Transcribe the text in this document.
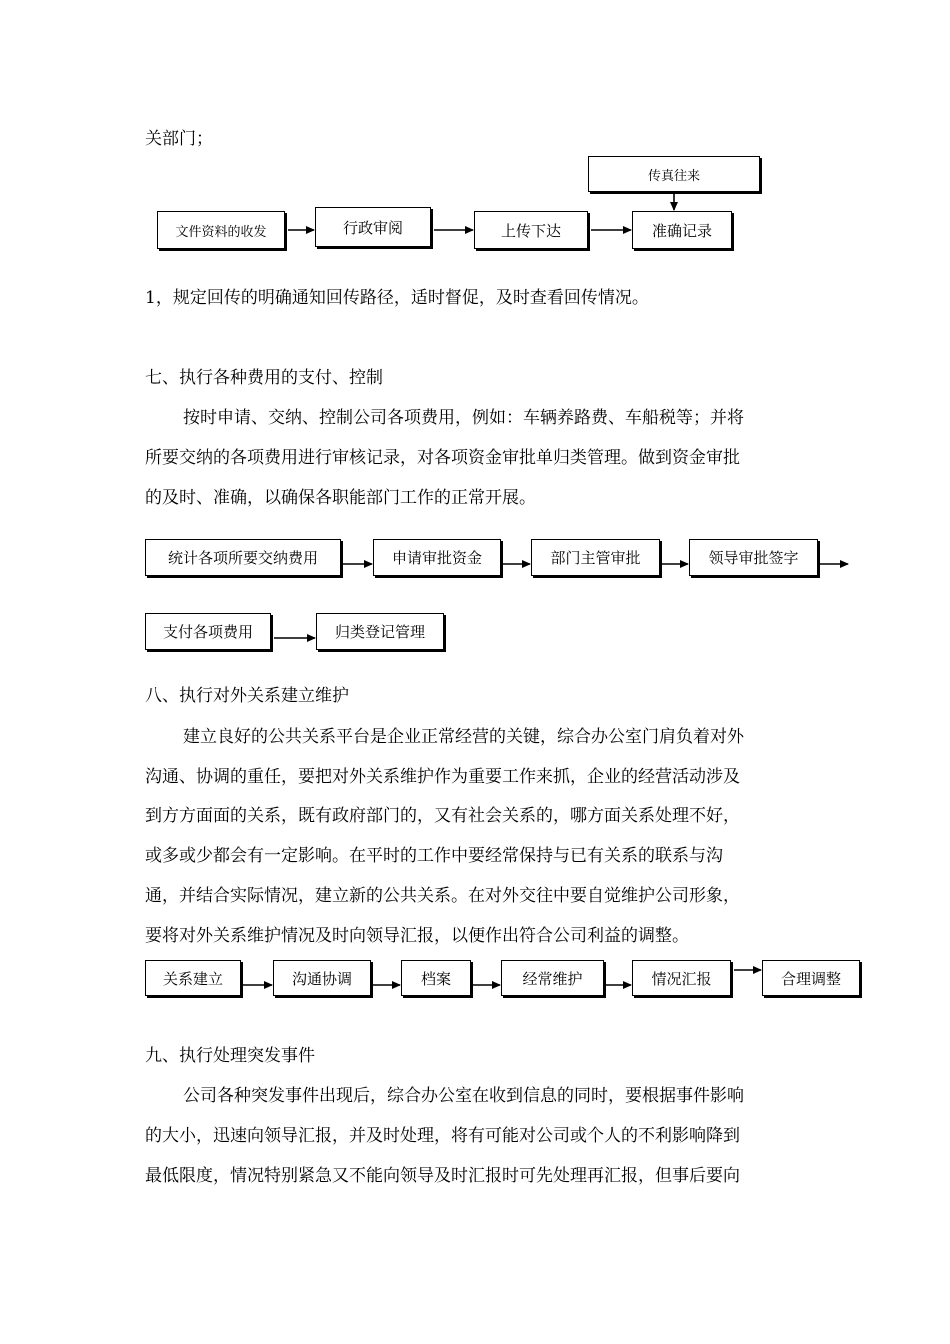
关部门；
1，规定回传的明确通知回传路径，适时督促，及时查看回传情况。
七、执行各种费用的支付、控制
按时申请、交纳、控制公司各项费用，例如：车辆养路费、车船税等；并将
所要交纳的各项费用进行审核记录，对各项资金审批单归类管理。做到资金审批
的及时、准确，以确保各职能部门工作的正常开展。
八、执行对外关系建立维护
建立良好的公共关系平台是企业正常经营的关键，综合办公室门肩负着对外
沟通、协调的重任，要把对外关系维护作为重要工作来抓，企业的经营活动涉及
到方方面面的关系，既有政府部门的，又有社会关系的，哪方面关系处理不好，
或多或少都会有一定影响。在平时的工作中要经常保持与已有关系的联系与沟
通，并结合实际情况，建立新的公共关系。在对外交往中要自觉维护公司形象，
要将对外关系维护情况及时向领导汇报，以便作出符合公司利益的调整。
九、执行处理突发事件
公司各种突发事件出现后，综合办公室在收到信息的同时，要根据事件影响
的大小，迅速向领导汇报，并及时处理，将有可能对公司或个人的不利影响降到
最低限度，情况特别紧急又不能向领导及时汇报时可先处理再汇报，但事后要向
传真往来
文件资料的收发	行政审阅	上传下达	准确记录
统计各项所要交纳费用	申请审批资金	部门主管审批	领导审批签字
支付各项费用	归类登记管理
关系建立	沟通协调	档案	经常维护	情况汇报	合理调整
